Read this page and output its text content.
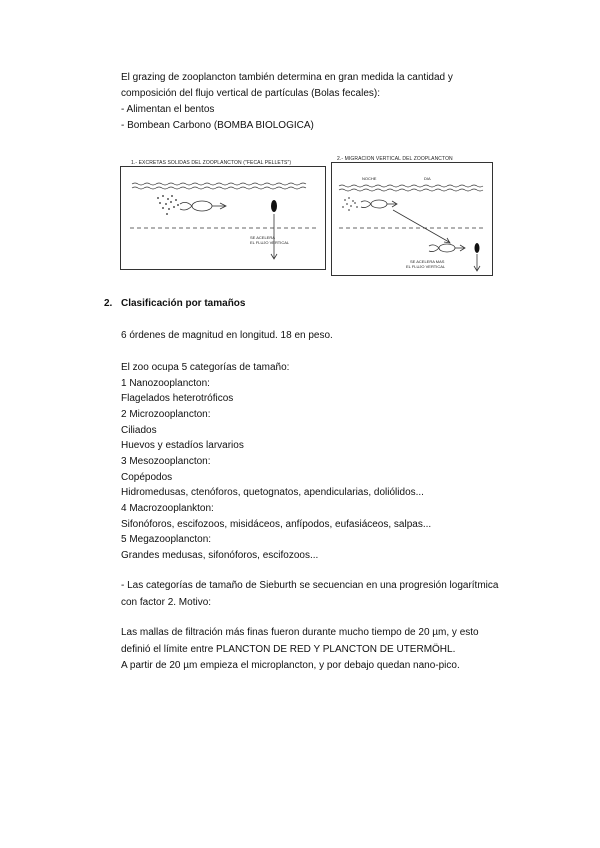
El grazing de zooplancton también determina en gran medida la cantidad y
composición del flujo vertical de partículas (Bolas fecales):
- Alimentan el bentos
- Bombean Carbono (BOMBA BIOLOGICA)
1.- EXCRETAS SOLIDAS DEL ZOOPLANCTON ("FECAL PELLETS")
SE ACELERA
EL FLUJO VERTICAL
2.- MIGRACION VERTICAL DEL ZOOPLANCTON
NOCHE	DIA
SE ACELERA MAS
EL FLUJO VERTICAL
2. Clasificación por tamaños
6 órdenes de magnitud en longitud. 18 en peso.
El zoo ocupa 5 categorías de tamaño:
1 Nanozooplancton:
Flagelados heterotróficos
2 Microzooplancton:
Ciliados
Huevos y estadíos larvarios
3 Mesozooplancton:
Copépodos
Hidromedusas, ctenóforos, quetognatos, apendicularias, doliólidos...
4 Macrozooplankton:
Sifonóforos, escifozoos, misidáceos, anfípodos, eufasiáceos, salpas...
5 Megazooplancton:
Grandes medusas, sifonóforos, escifozoos...
- Las categorías de tamaño de Sieburth se secuencian en una progresión logarítmica
con factor 2. Motivo:
Las mallas de filtración más finas fueron durante mucho tiempo de 20 µm, y esto
definió el límite entre PLANCTON DE RED Y PLANCTON DE UTERMÖHL.
A partir de 20 µm empieza el microplancton, y por debajo quedan nano-pico.
